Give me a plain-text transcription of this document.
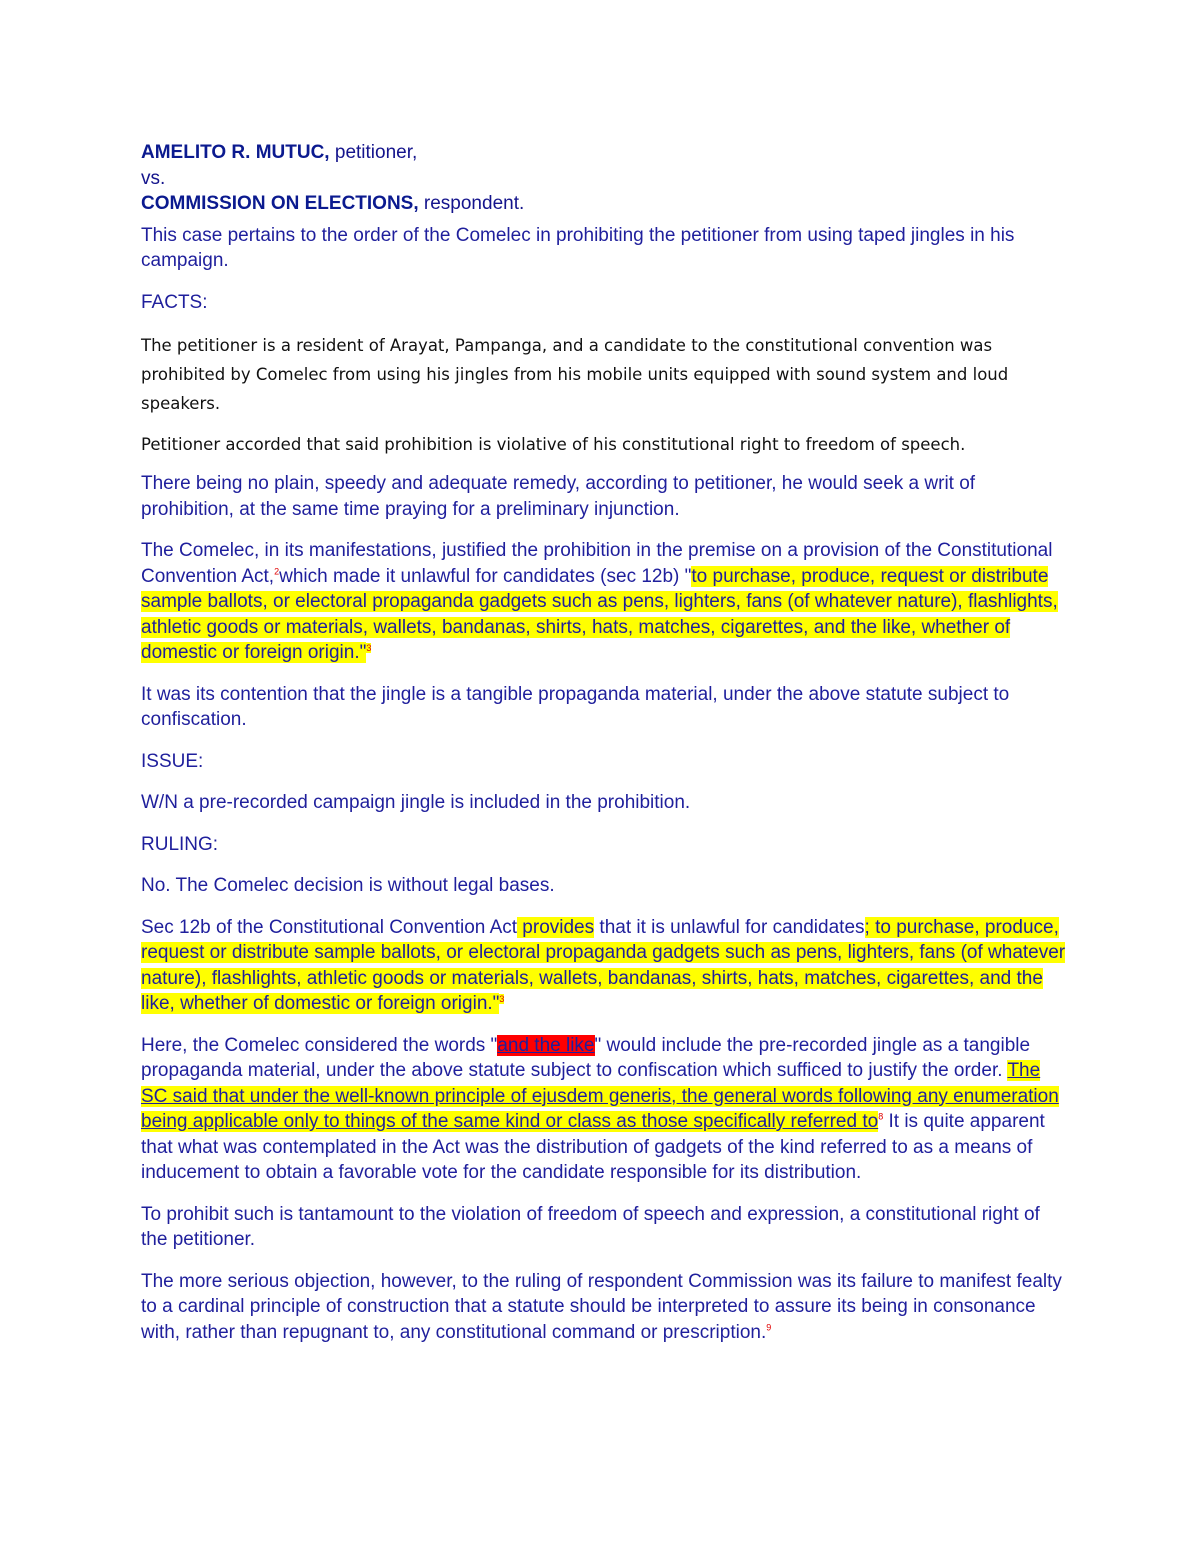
AMELITO R. MUTUC, petitioner,
vs.
COMMISSION ON ELECTIONS, respondent.

This case pertains to the order of the Comelec in prohibiting the petitioner from using taped jingles in his campaign.

FACTS:

The petitioner is a resident of Arayat, Pampanga, and a candidate to the constitutional convention was prohibited by Comelec from using his jingles from his mobile units equipped with sound system and loud speakers.

Petitioner accorded that said prohibition is violative of his constitutional right to freedom of speech.

There being no plain, speedy and adequate remedy, according to petitioner, he would seek a writ of prohibition, at the same time praying for a preliminary injunction.

The Comelec, in its manifestations, justified the prohibition in the premise on a provision of the Constitutional Convention Act,$^2$which made it unlawful for candidates (sec 12b) "to purchase, produce, request or distribute sample ballots, or electoral propaganda gadgets such as pens, lighters, fans (of whatever nature), flashlights, athletic goods or materials, wallets, bandanas, shirts, hats, matches, cigarettes, and the like, whether of domestic or foreign origin."$^3$

It was its contention that the jingle is a tangible propaganda material, under the above statute subject to confiscation.

ISSUE:

W/N a pre-recorded campaign jingle is included in the prohibition.

RULING:

No. The Comelec decision is without legal bases.

Sec 12b of the Constitutional Convention Act provides that it is unlawful for candidates; to purchase, produce, request or distribute sample ballots, or electoral propaganda gadgets such as pens, lighters, fans (of whatever nature), flashlights, athletic goods or materials, wallets, bandanas, shirts, hats, matches, cigarettes, and the like, whether of domestic or foreign origin."$^3$

Here, the Comelec considered the words "and the like" would include the pre-recorded jingle as a tangible propaganda material, under the above statute subject to confiscation which sufficed to justify the order. The SC said that under the well-known principle of ejusdem generis, the general words following any enumeration being applicable only to things of the same kind or class as those specifically referred to$^8$ It is quite apparent that what was contemplated in the Act was the distribution of gadgets of the kind referred to as a means of inducement to obtain a favorable vote for the candidate responsible for its distribution.

To prohibit such is tantamount to the violation of freedom of speech and expression, a constitutional right of the petitioner.

The more serious objection, however, to the ruling of respondent Commission was its failure to manifest fealty to a cardinal principle of construction that a statute should be interpreted to assure its being in consonance with, rather than repugnant to, any constitutional command or prescription.$^9$
